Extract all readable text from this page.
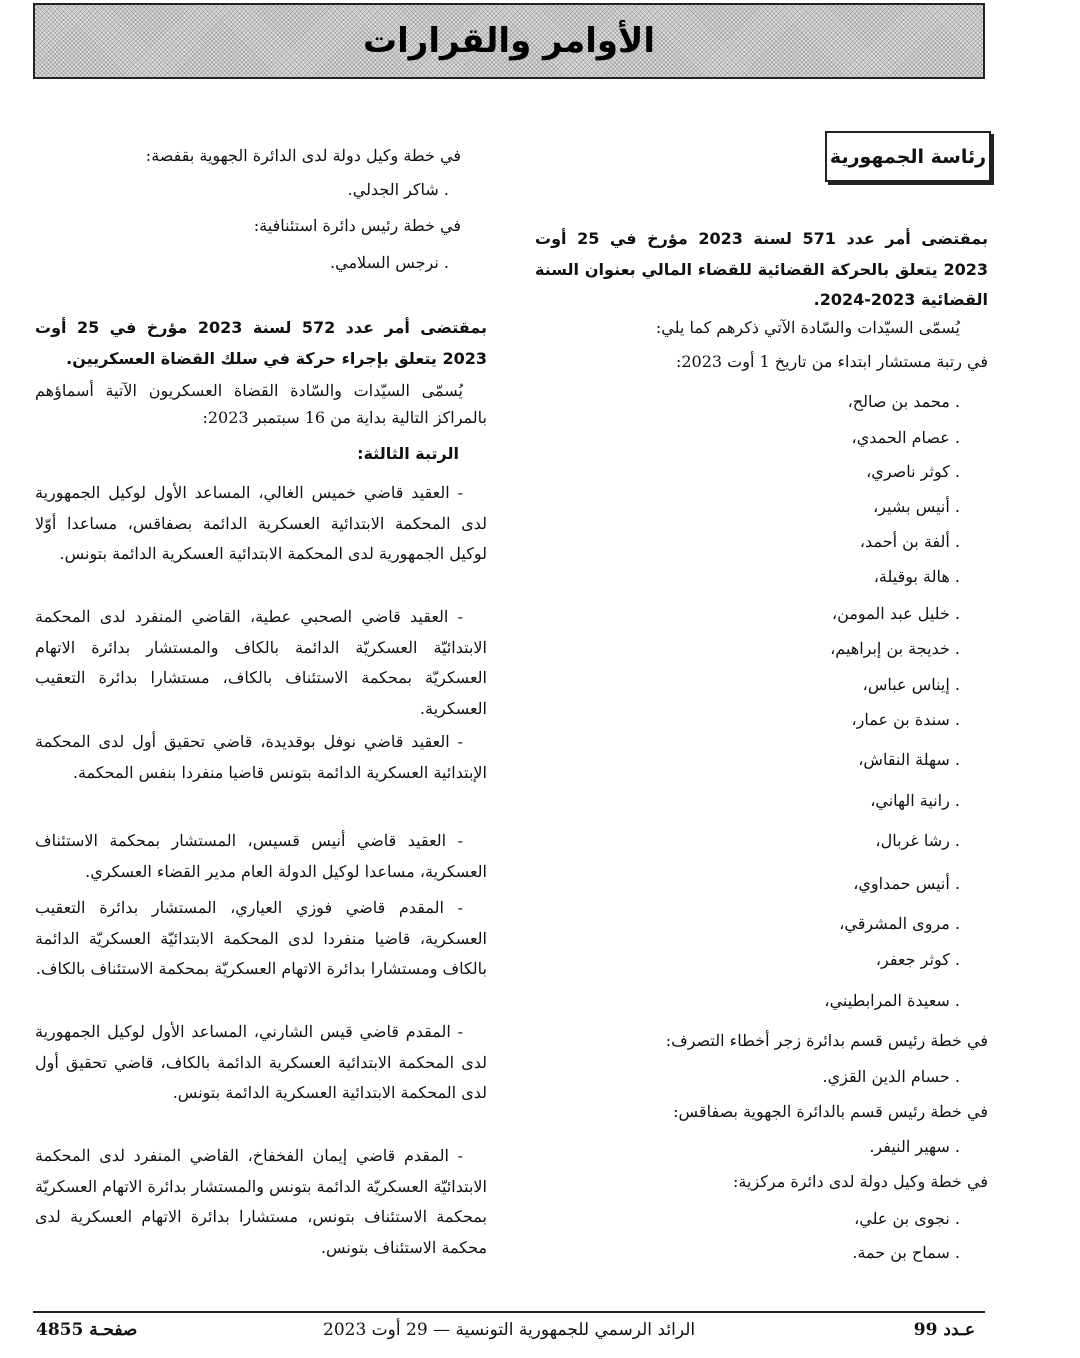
الأوامر والقرارات
رئاسة الجمهورية
بمقتضى أمر عدد 571 لسنة 2023 مؤرخ في 25 أوت 2023 يتعلق بالحركة القضائية للقضاء المالي بعنوان السنة القضائية 2023-2024.
يُسمّى السيّدات والسّادة الآتي ذكرهم كما يلي:
في رتبة مستشار ابتداء من تاريخ 1 أوت 2023:
. محمد بن صالح،
. عصام الحمدي،
. كوثر ناصري،
. أنيس بشير،
. ألفة بن أحمد،
. هالة بوقيلة،
. خليل عبد المومن،
. خديجة بن إبراهيم،
. إيناس عباس،
. سندة بن عمار،
. سهلة النقاش،
. رانية الهاني،
. رشا غربال،
. أنيس حمداوي،
. مروى المشرقي،
. كوثر جعفر،
. سعيدة المرابطيني،
في خطة رئيس قسم بدائرة زجر أخطاء التصرف:
. حسام الدين القزي.
في خطة رئيس قسم بالدائرة الجهوية بصفاقس:
. سهير النيفر.
في خطة وكيل دولة لدى دائرة مركزية:
. نجوى بن علي،
. سماح بن حمة.
في خطة وكيل دولة لدى الدائرة الجهوية بقفصة:
. شاكر الجدلي.
في خطة رئيس دائرة استئنافية:
. نرجس السلامي.
بمقتضى أمر عدد 572 لسنة 2023 مؤرخ في 25 أوت 2023 يتعلق بإجراء حركة في سلك القضاة العسكريين.
يُسمّى السيّدات والسّادة القضاة العسكريون الآتية أسماؤهم بالمراكز التالية بداية من 16 سبتمبر 2023:
الرتبة الثالثة:
- العقيد قاضي خميس الغالي، المساعد الأول لوكيل الجمهورية لدى المحكمة الابتدائية العسكرية الدائمة بصفاقس، مساعدا أوّلا لوكيل الجمهورية لدى المحكمة الابتدائية العسكرية الدائمة بتونس.
- العقيد قاضي الصحبي عطية، القاضي المنفرد لدى المحكمة الابتدائيّة العسكريّة الدائمة بالكاف والمستشار بدائرة الاتهام العسكريّة بمحكمة الاستئناف بالكاف، مستشارا بدائرة التعقيب العسكرية.
- العقيد قاضي نوفل بوقديدة، قاضي تحقيق أول لدى المحكمة الإبتدائية العسكرية الدائمة بتونس قاضيا منفردا بنفس المحكمة.
- العقيد قاضي أنيس قسيس، المستشار بمحكمة الاستئناف العسكرية، مساعدا لوكيل الدولة العام مدير القضاء العسكري.
- المقدم قاضي فوزي العياري، المستشار بدائرة التعقيب العسكرية، قاضيا منفردا لدى المحكمة الابتدائيّة العسكريّة الدائمة بالكاف ومستشارا بدائرة الاتهام العسكريّة بمحكمة الاستئناف بالكاف.
- المقدم قاضي قيس الشارني، المساعد الأول لوكيل الجمهورية لدى المحكمة الابتدائية العسكرية الدائمة بالكاف، قاضي تحقيق أول لدى المحكمة الابتدائية العسكرية الدائمة بتونس.
- المقدم قاضي إيمان الفخفاخ، القاضي المنفرد لدى المحكمة الابتدائيّة العسكريّة الدائمة بتونس والمستشار بدائرة الاتهام العسكريّة بمحكمة الاستئناف بتونس، مستشارا بدائرة الاتهام العسكرية لدى محكمة الاستئناف بتونس.
عـدد 99
الرائد الرسمي للجمهورية التونسية — 29 أوت 2023
صفحـة 4855
